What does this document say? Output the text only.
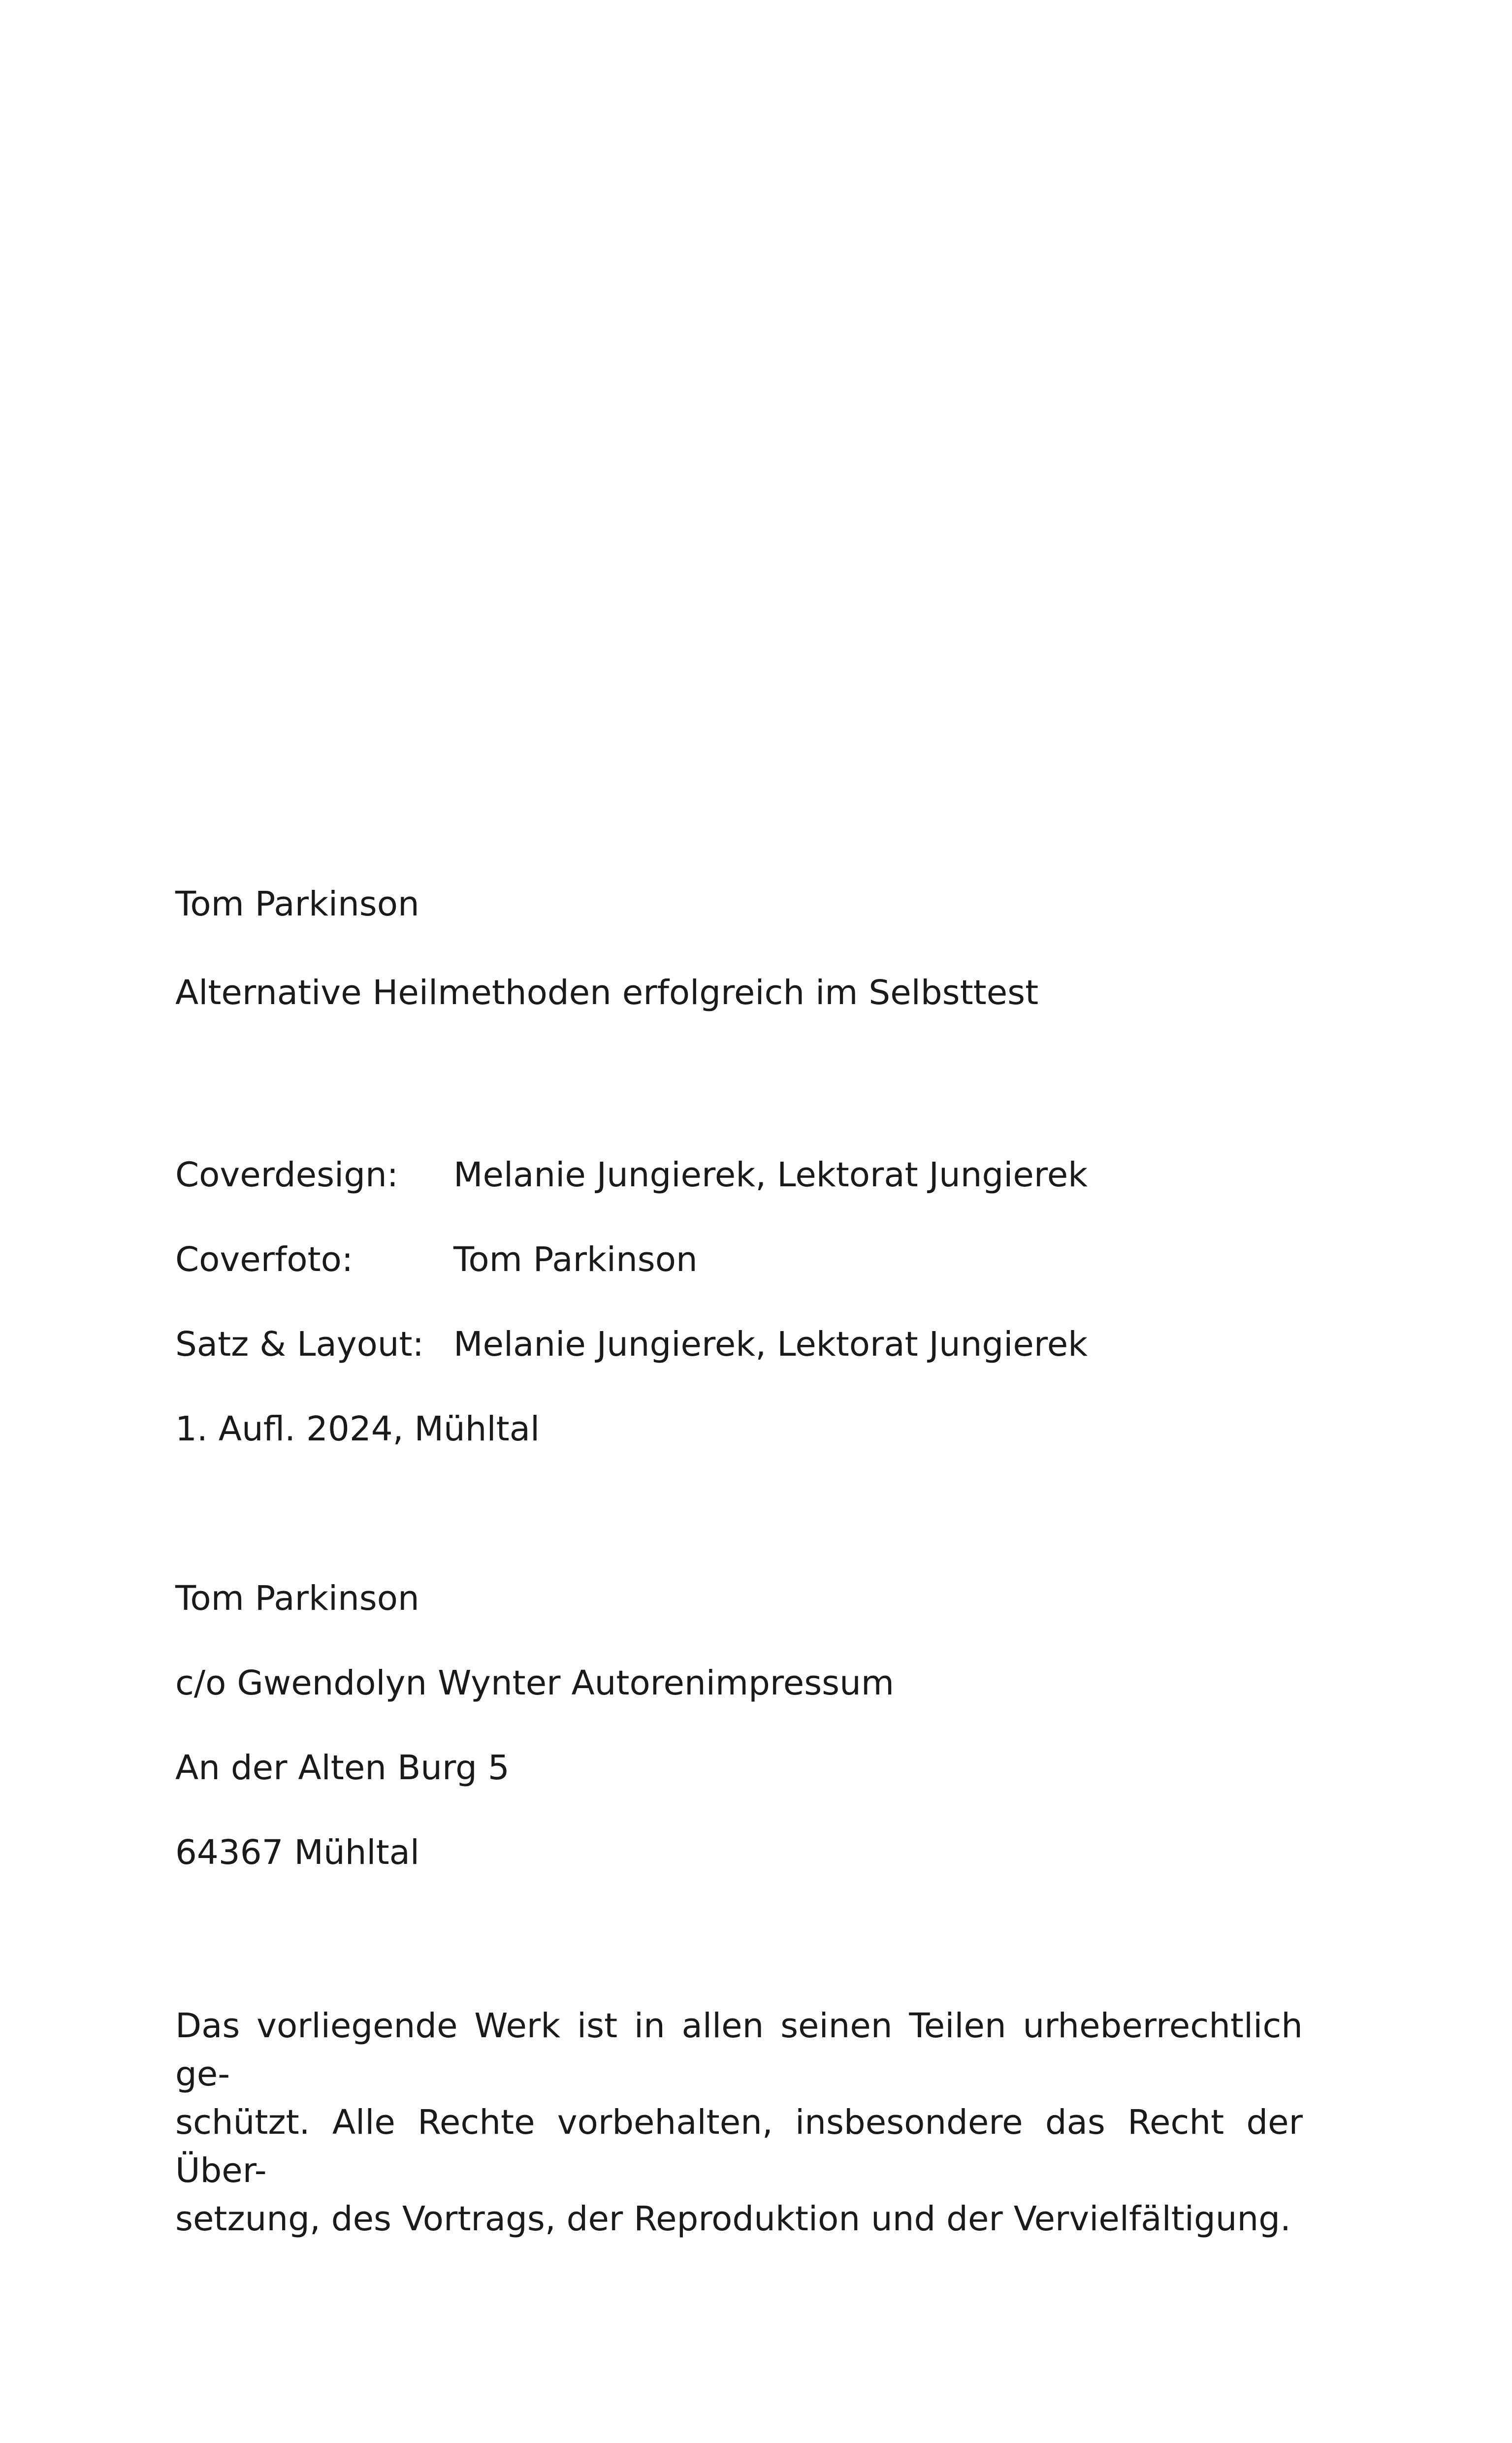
Tom Parkinson
Alternative Heilmethoden erfolgreich im Selbsttest
Coverdesign: Melanie Jungierek, Lektorat Jungierek
Coverfoto:	Tom Parkinson
Satz & Layout: Melanie Jungierek, Lektorat Jungierek
1. Aufl. 2024, Mühltal
Tom Parkinson
c/o Gwendolyn Wynter Autorenimpressum
An der Alten Burg 5
64367 Mühltal
Das vorliegende Werk ist in allen seinen Teilen urheberrechtlich ge-
schützt. Alle Rechte vorbehalten, insbesondere das Recht der Über-
setzung, des Vortrags, der Reproduktion und der Vervielfältigung.
